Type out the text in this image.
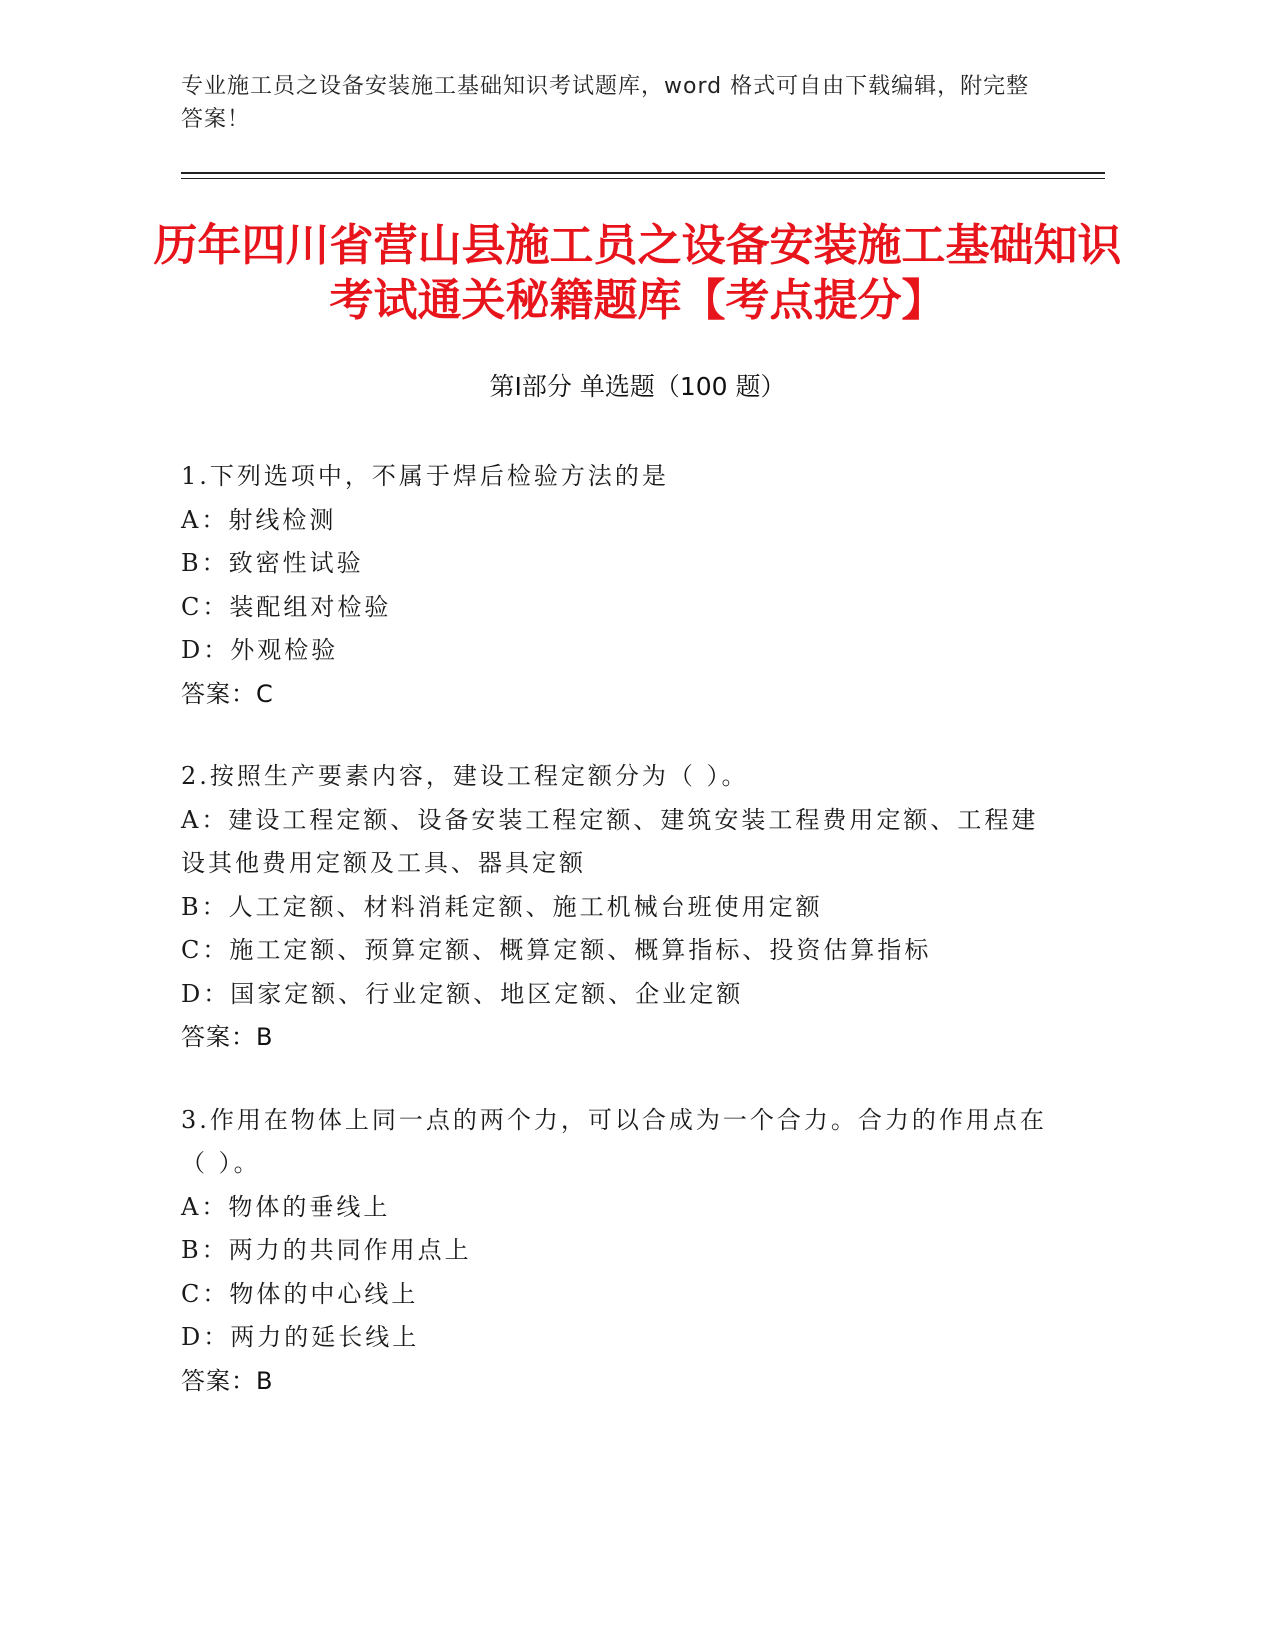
专业施工员之设备安装施工基础知识考试题库，word 格式可自由下载编辑，附完整答案！
历年四川省营山县施工员之设备安装施工基础知识考试通关秘籍题库【考点提分】
第Ⅰ部分 单选题（100 题）
1.下列选项中，不属于焊后检验方法的是
A：射线检测
B：致密性试验
C：装配组对检验
D：外观检验
答案：C
2.按照生产要素内容，建设工程定额分为（ ）。
A：建设工程定额、设备安装工程定额、建筑安装工程费用定额、工程建设其他费用定额及工具、器具定额
B：人工定额、材料消耗定额、施工机械台班使用定额
C：施工定额、预算定额、概算定额、概算指标、投资估算指标
D：国家定额、行业定额、地区定额、企业定额
答案：B
3.作用在物体上同一点的两个力，可以合成为一个合力。合力的作用点在（ ）。
A：物体的垂线上
B：两力的共同作用点上
C：物体的中心线上
D：两力的延长线上
答案：B
